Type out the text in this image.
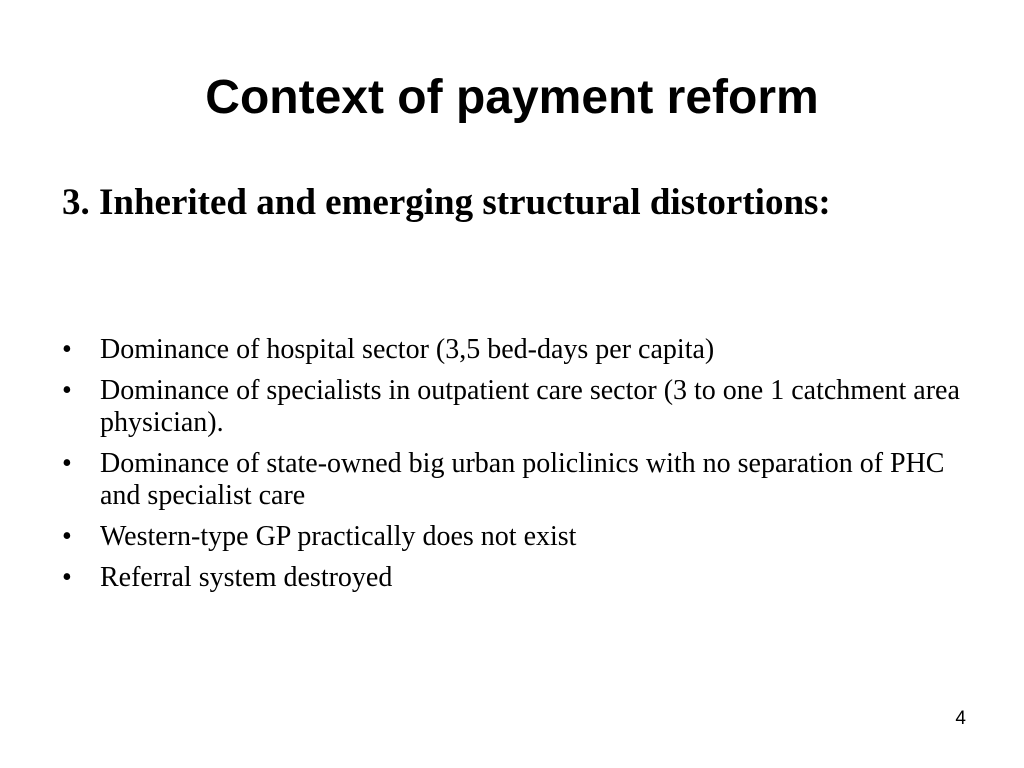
Context of payment reform
3. Inherited and emerging structural distortions:
•	Dominance of hospital sector (3,5 bed-days per capita)
•	Dominance of specialists in outpatient care sector (3 to one 1 catchment area physician).
•	Dominance of state-owned big urban policlinics with no separation of PHC and specialist care
•	Western-type GP practically does not exist
•	Referral system destroyed
4
